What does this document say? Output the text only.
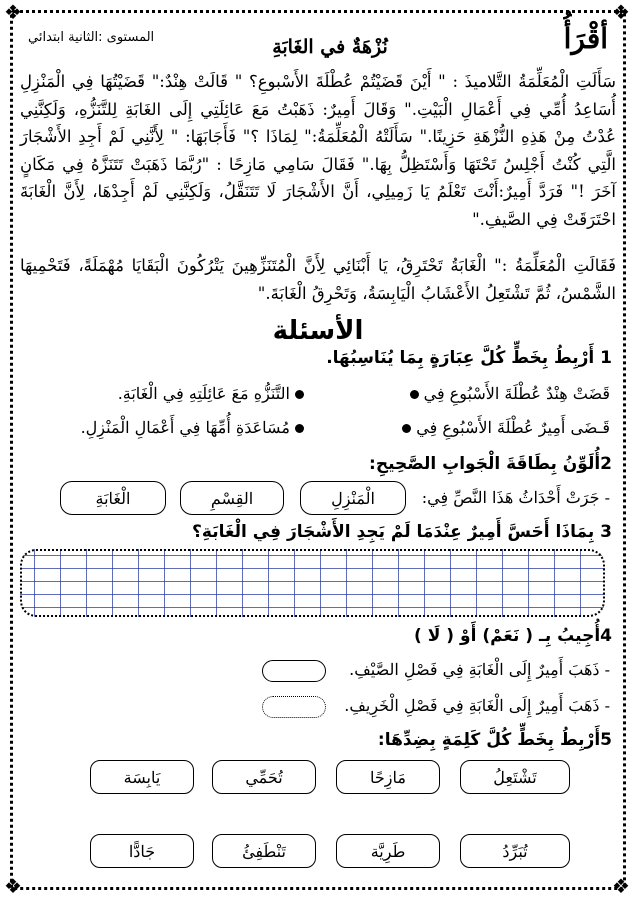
❖	❖
❖	❖
أقْرَأُ
المستوى :الثانية ابتدائي	نُزْهَةٌ في الغَابَةِ
سَأَلَتِ الْمُعَلِّمَةُ التَّلاميذَ : " أَيْنَ قَضَيْتُمْ عُطْلَةَ الأَسْبوعِ؟ " قَالَتْ هِنْدٌ:" قَضَيْتُهَا فِي الْمَنْزِلِ أُسَاعِدُ أُمِّي فِي أَعْمَالِ الْبَيْتِ." وَقَالَ أَمِيرٌ: ذَهَبْتُ مَعَ عَائِلَتِي إِلَى الغَابَةِ لِلتَّنَزُّهِ، وَلَكِنَّنِي عُدْتُ مِنْ هَذِهِ النُّزْهَةِ حَزِينًا." سَأَلَتْهُ الْمُعَلِّمَةُ:" لِمَاذَا ؟" فَأَجَابَهَا: " لِأَنَّنِي لَمْ أَجِدِ الأَشْجَارَ الَّتِي كُنْتُ أَجْلِسُ تَحْتَهَا وَأَسْتَظِلُّ بِهَا." فَقَالَ سَامِي مَازِحًا : "رُبَّمَا ذَهَبَتْ تَتَنَزَّهُ فِي مَكَانٍ آخَرَ !" فَرَدَّ أَمِيرٌ:أَنْتَ تَعْلَمُ يَا زَمِيلِي، أَنَّ الأَشْجَارَ لَا تَتَنَقَّلُ، وَلَكِنَّنِي لَمْ أَجِدْهَا، لِأَنَّ الْغَابَةَ احْتَرَقَتْ فِي الصَّيفِ."
فَقَالَتِ الْمُعَلِّمَةُ :" الْغَابَةُ تَحْتَرِقُ، يَا أَبْنَائِي لِأَنَّ الْمُتَنَزِّهِينَ يَتْرُكُونَ الْبَقَايَا مُهْمَلَةً، فَتَحْمِيهَا الشَّمْسُ، ثُمَّ تَشْتَعِلُ الأَعْشَابُ الْيَابِسَةُ، وَتَحْرِقُ الْغَابَةَ."
الأسئلة
1 أَرْبِطُ بِخَطٍّ كُلَّ عِبَارَةٍ بِمَا يُنَاسِبُهَا.
قَضَتْ هِنْدٌ عُطْلَةَ الأَسْبُوعِ فِي
قَـضَى أَمِيرٌ عُطْلَةَ الأَسْبُوعِ فِي
التَّنَزُّهِ مَعَ عَائِلَتِهِ فِي الْغَابَةِ.
مُسَاعَدَةِ أُمِّهَا فِي أَعْمَالِ الْمَنْزِلِ.
2أُلَوِّنُ بِطَاقَةَ الْجَوابِ الصَّحِيحِ:
- جَرَتْ أَحْدَاثُ هَذَا النَّصِّ فِي:
الْمَنْزِلِ
القِسْمِ
الْغَابَةِ
3 بِمَاذَا أَحَسَّ أَمِيرٌ عِنْدَمَا لَمْ يَجِدِ الأَشْجَارَ فِي الْغَابَةِ؟
4أُجِيبُ بِـ ( نَعَمْ) أَوْ ( لَا )
- ذَهَبَ أَمِيرٌ إِلَى الْغَابَةِ فِي فَصْلِ الصَّيْفِ.
- ذَهَبَ أَمِيرٌ إِلَى الْغَابَةِ فِي فَصْلِ الْخَرِيفِ.
5أَرْبِطُ بِخَطٍّ كُلَّ كَلِمَةٍ بِضِدِّهَا:
تَشْتَعِلُ
مَازِحًا
تُحَمِّي
يَابِسَة
تُبَرِّدُ
طَرِيَّة
تَنْطَفِئُ
جَادًّا
